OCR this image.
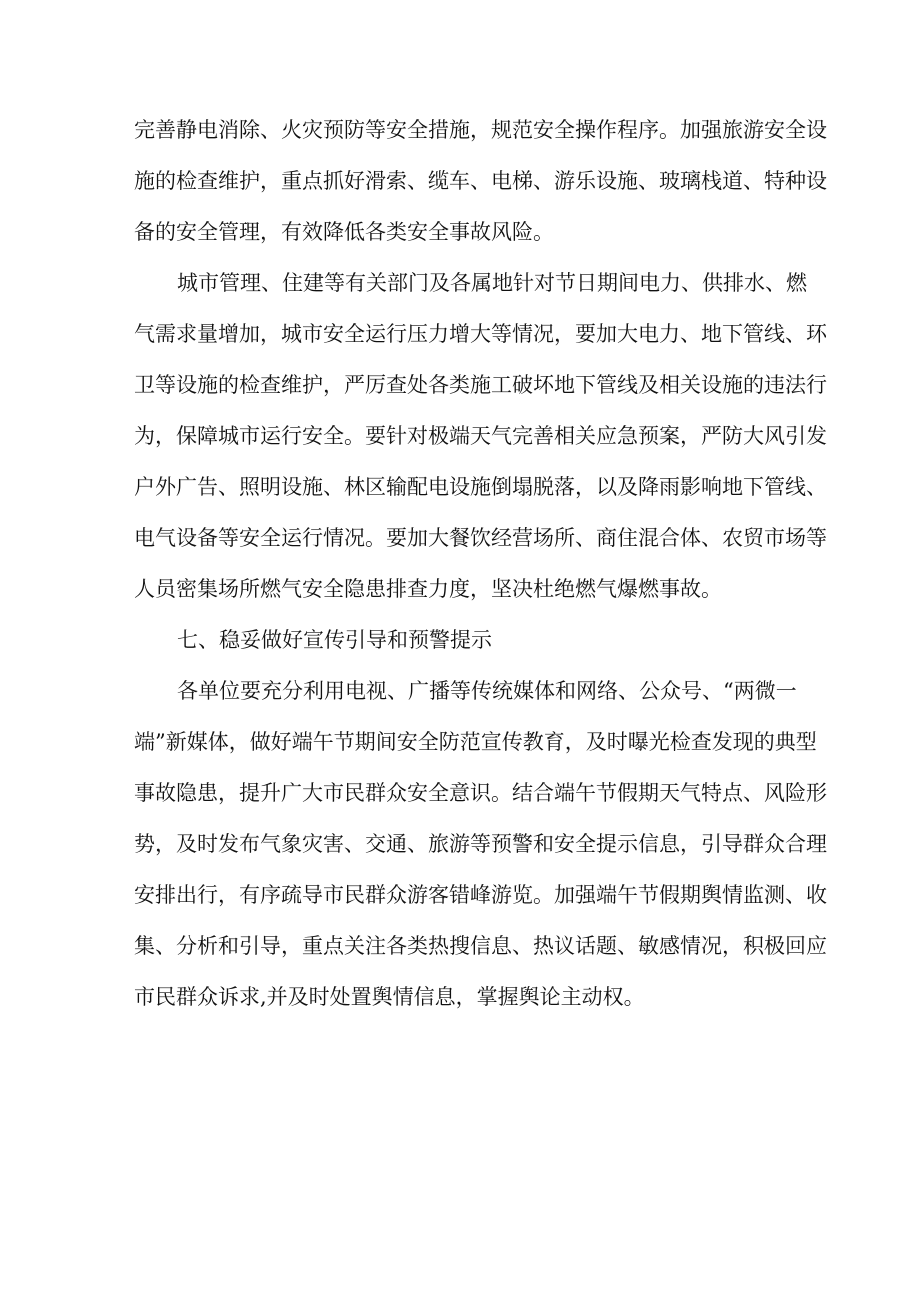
完善静电消除、火灾预防等安全措施，规范安全操作程序。加强旅游安全设

施的检查维护，重点抓好滑索、缆车、电梯、游乐设施、玻璃栈道、特种设

备的安全管理，有效降低各类安全事故风险。

城市管理、住建等有关部门及各属地针对节日期间电力、供排水、燃

气需求量增加，城市安全运行压力增大等情况，要加大电力、地下管线、环

卫等设施的检查维护，严厉查处各类施工破坏地下管线及相关设施的违法行

为，保障城市运行安全。要针对极端天气完善相关应急预案，严防大风引发

户外广告、照明设施、林区输配电设施倒塌脱落，以及降雨影响地下管线、

电气设备等安全运行情况。要加大餐饮经营场所、商住混合体、农贸市场等

人员密集场所燃气安全隐患排查力度，坚决杜绝燃气爆燃事故。

七、稳妥做好宣传引导和预警提示

各单位要充分利用电视、广播等传统媒体和网络、公众号、“两微一

端”新媒体，做好端午节期间安全防范宣传教育，及时曝光检查发现的典型

事故隐患，提升广大市民群众安全意识。结合端午节假期天气特点、风险形

势，及时发布气象灾害、交通、旅游等预警和安全提示信息，引导群众合理

安排出行，有序疏导市民群众游客错峰游览。加强端午节假期舆情监测、收

集、分析和引导，重点关注各类热搜信息、热议话题、敏感情况，积极回应

市民群众诉求,并及时处置舆情信息，掌握舆论主动权。
